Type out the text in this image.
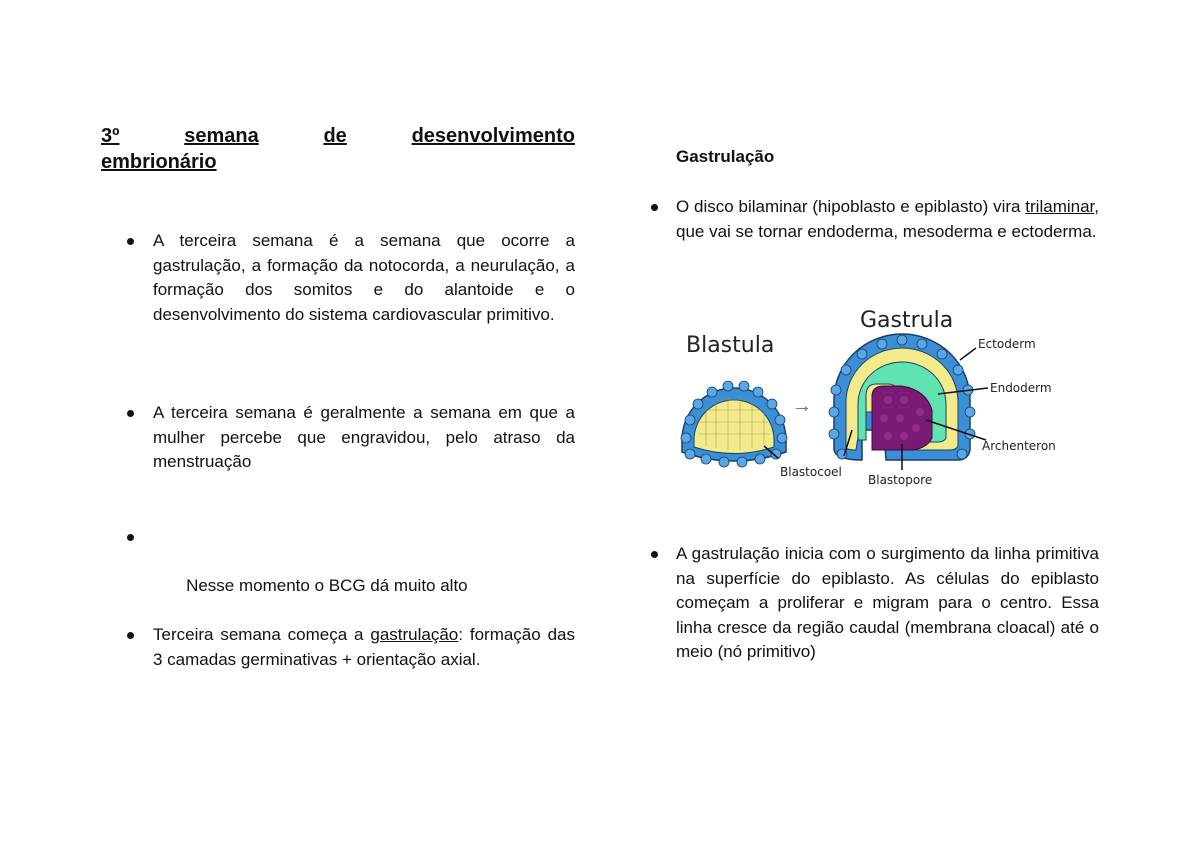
3º	semana	de	desenvolvimento
embrionário
A terceira semana é a semana que ocorre a gastrulação, a formação da notocorda, a neurulação, a formação dos somitos e do alantoide e o desenvolvimento do sistema cardiovascular primitivo.
A terceira semana é geralmente a semana em que a mulher percebe que engravidou, pelo atraso da menstruação

Nesse momento o BCG dá muito alto

Terceira semana começa a gastrulação: formação das 3 camadas germinativas + orientação axial.
Gastrulação
O disco bilaminar (hipoblasto e epiblasto) vira trilaminar, que vai se tornar endoderma, mesoderma e ectoderma.
A gastrulação inicia com o surgimento da linha primitiva na superfície do epiblasto. As células do epiblasto começam a proliferar e migram para o centro. Essa linha cresce da região caudal (membrana cloacal) até o meio (nó primitivo)
Blastula
Blastocoel
→
Gastrula
Ectoderm
Endoderm
Archenteron
Blastopore
